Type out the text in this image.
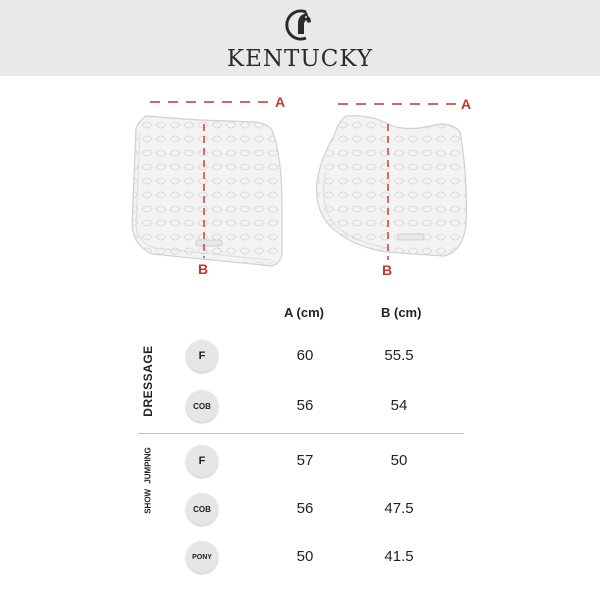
KENTUCKY
A
B
A
B
A (cm)	B (cm)
DRESSAGE	F	60	55.5
COB	56	54
SHOW JUMPING	F	57	50
COB	56	47.5
PONY	50	41.5
